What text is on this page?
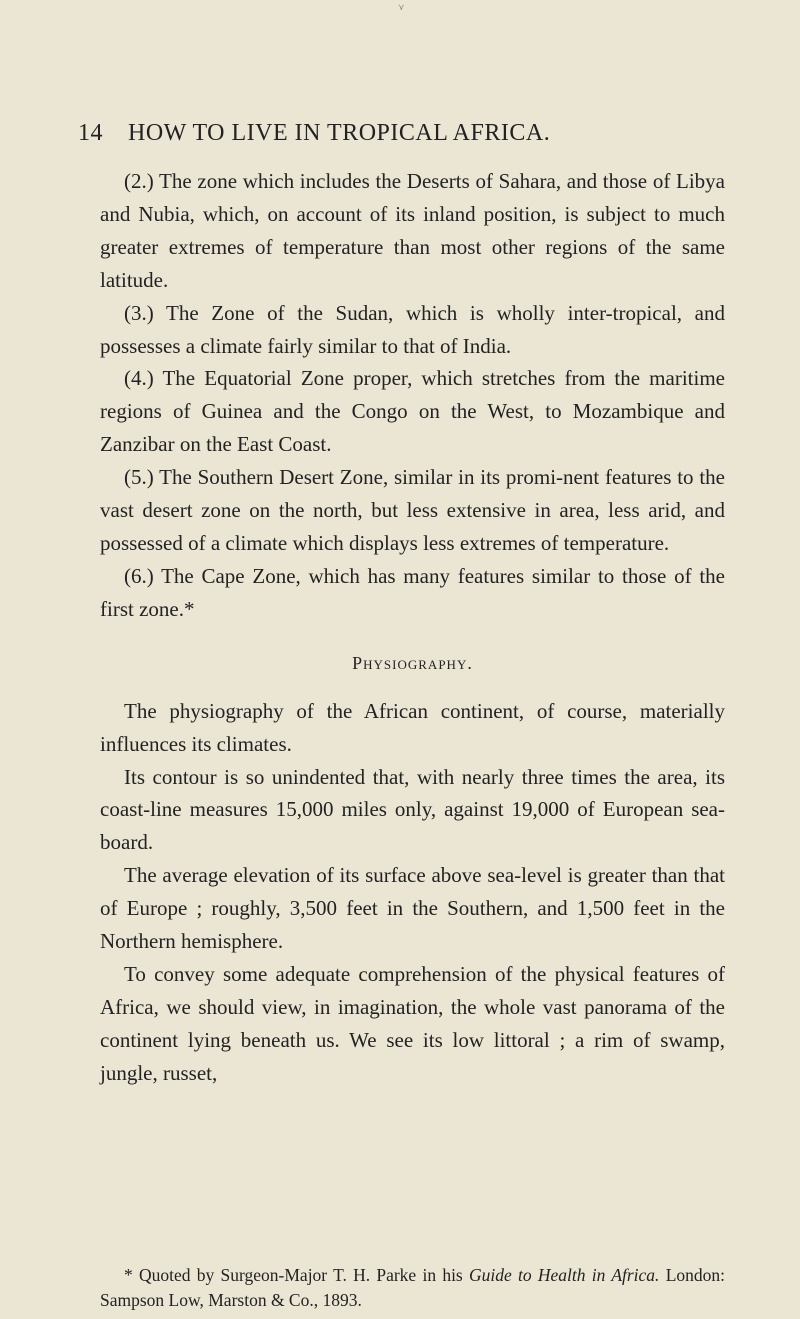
⋎
14 HOW TO LIVE IN TROPICAL AFRICA.

(2.) The zone which includes the Deserts of Sahara, and those of Libya and Nubia, which, on account of its inland position, is subject to much greater extremes of temperature than most other regions of the same latitude.

(3.) The Zone of the Sudan, which is wholly inter-tropical, and possesses a climate fairly similar to that of India.

(4.) The Equatorial Zone proper, which stretches from the maritime regions of Guinea and the Congo on the West, to Mozambique and Zanzibar on the East Coast.

(5.) The Southern Desert Zone, similar in its promi-nent features to the vast desert zone on the north, but less extensive in area, less arid, and possessed of a climate which displays less extremes of temperature.

(6.) The Cape Zone, which has many features similar to those of the first zone.*

Physiography.

The physiography of the African continent, of course, materially influences its climates.

Its contour is so unindented that, with nearly three times the area, its coast-line measures 15,000 miles only, against 19,000 of European sea-board.

The average elevation of its surface above sea-level is greater than that of Europe ; roughly, 3,500 feet in the Southern, and 1,500 feet in the Northern hemisphere.

To convey some adequate comprehension of the physical features of Africa, we should view, in imagination, the whole vast panorama of the continent lying beneath us. We see its low littoral ; a rim of swamp, jungle, russet,

* Quoted by Surgeon-Major T. H. Parke in his Guide to Health in Africa. London: Sampson Low, Marston & Co., 1893.
